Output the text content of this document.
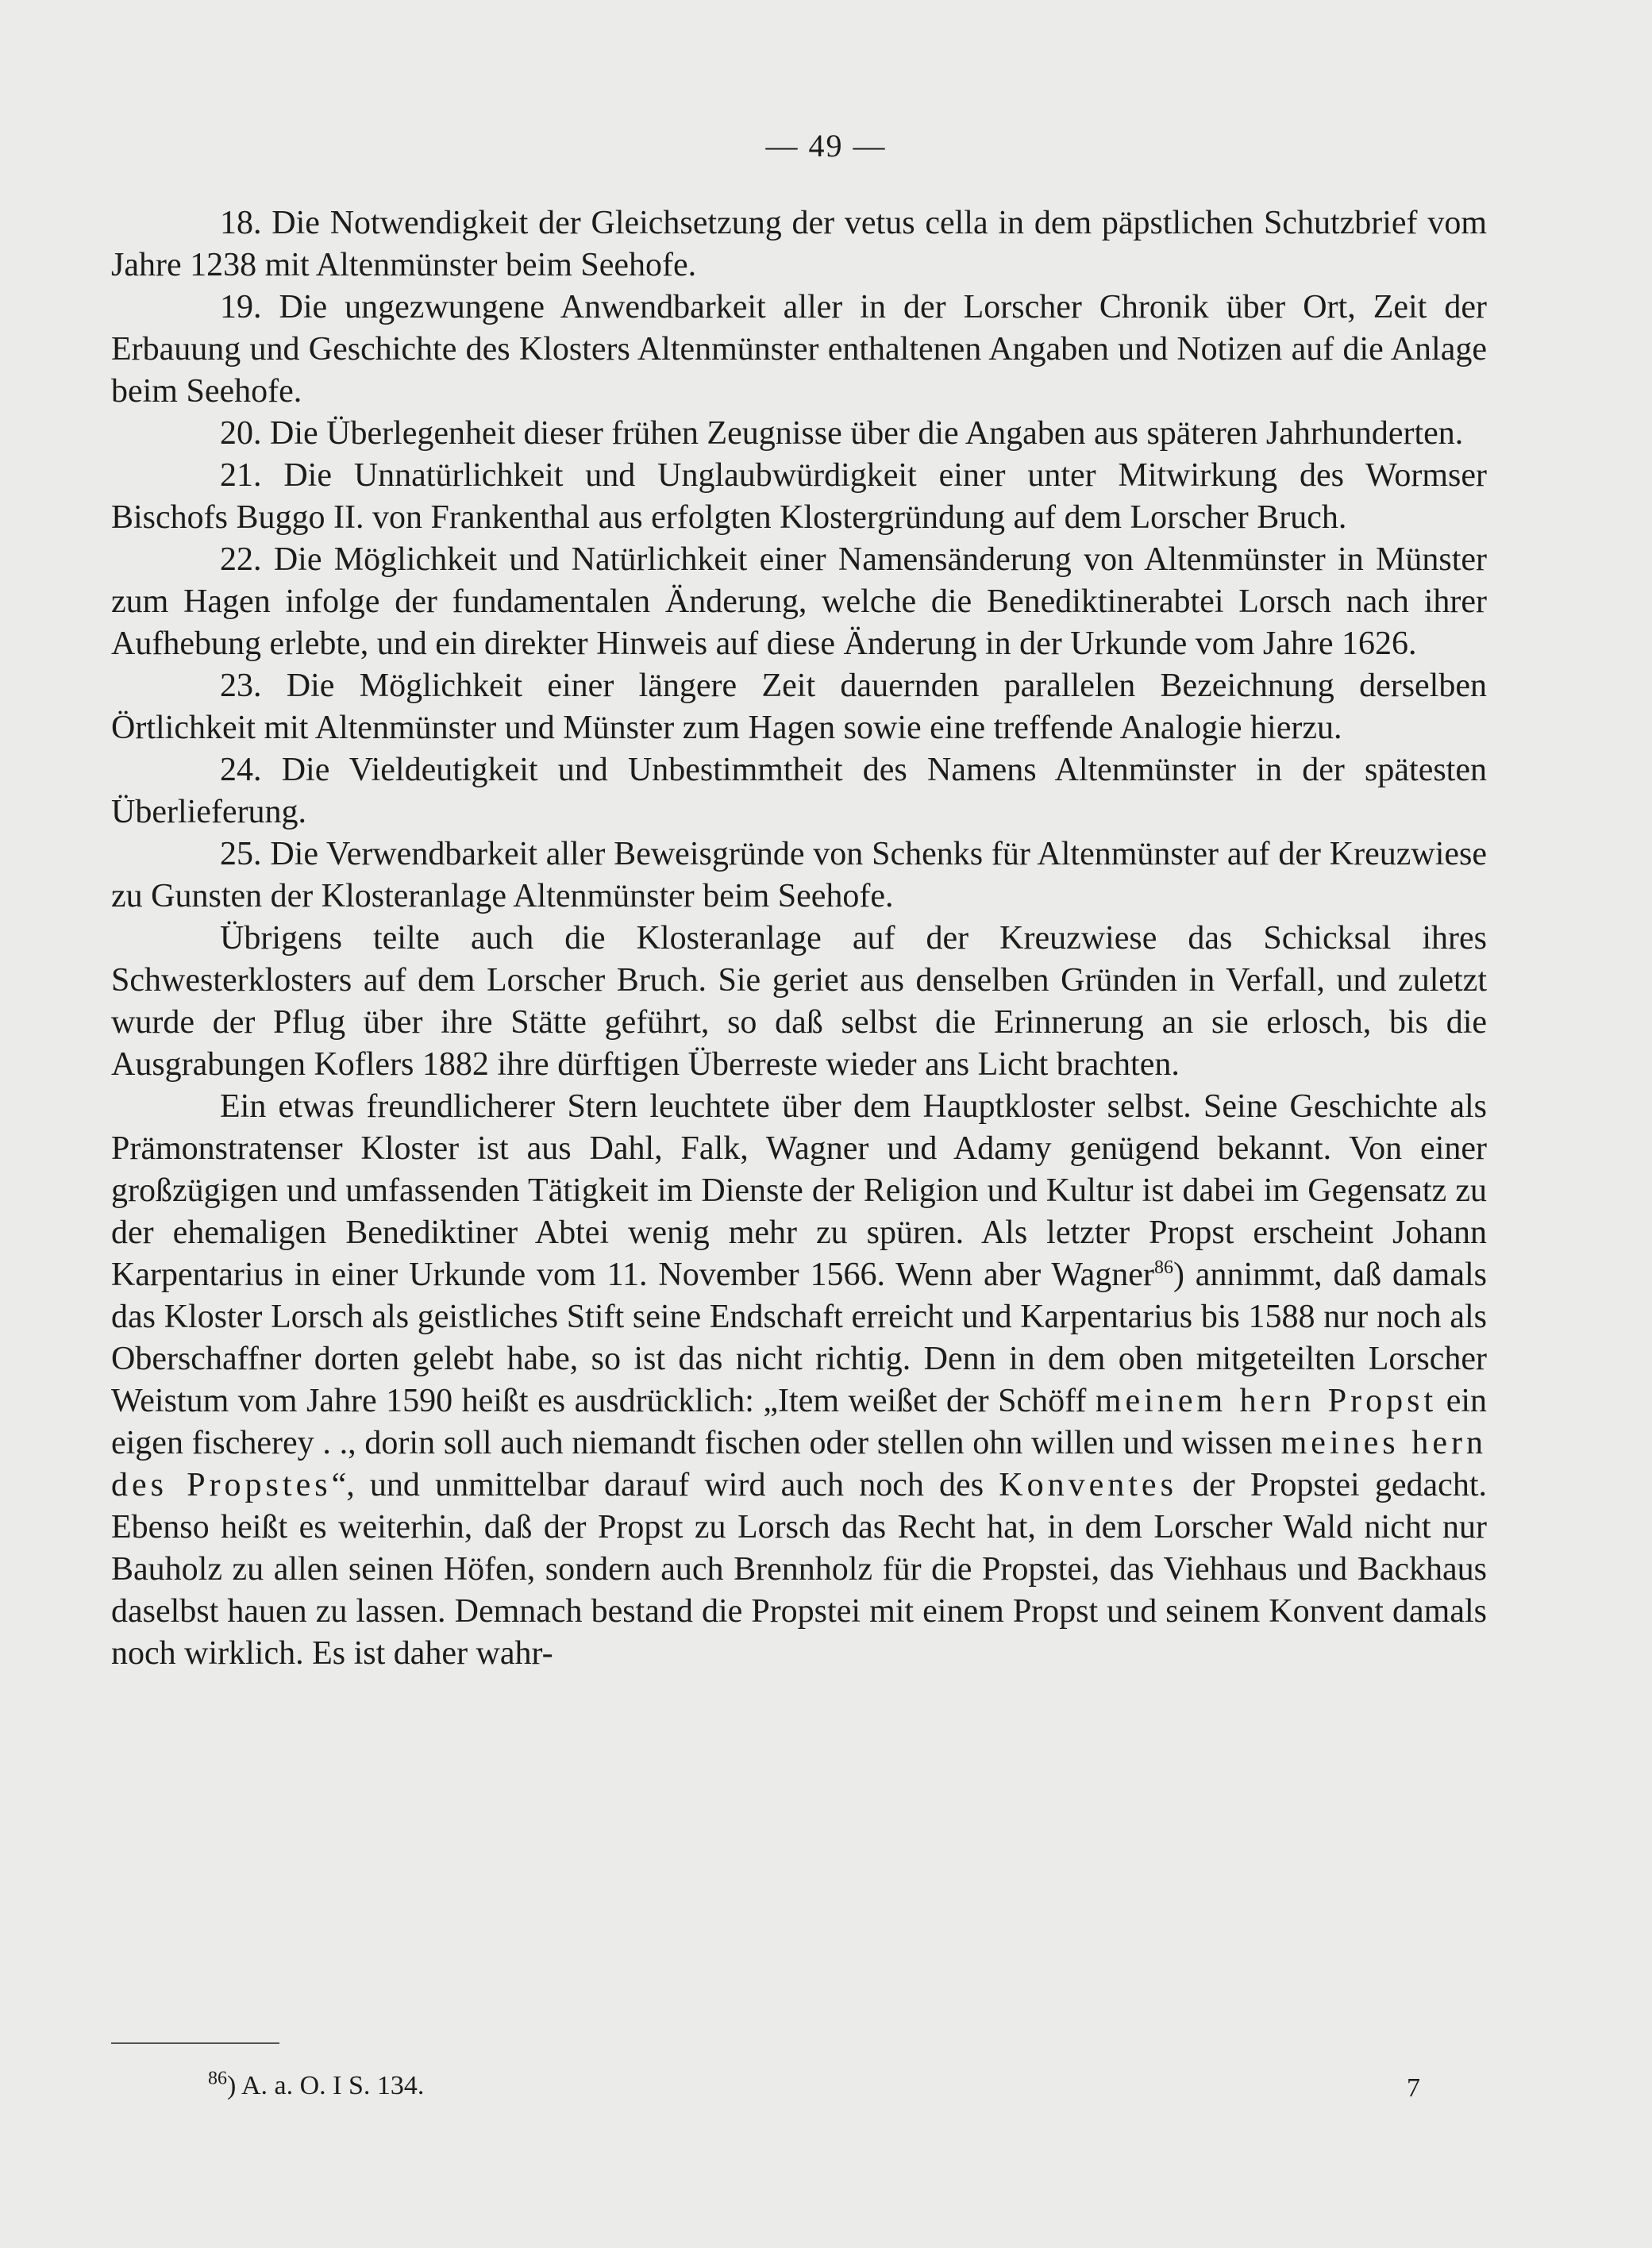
— 49 —

18. Die Notwendigkeit der Gleichsetzung der vetus cella in dem päpstlichen Schutzbrief vom Jahre 1238 mit Altenmünster beim Seehofe.

19. Die ungezwungene Anwendbarkeit aller in der Lorscher Chronik über Ort, Zeit der Erbauung und Geschichte des Klosters Altenmünster enthaltenen Angaben und Notizen auf die Anlage beim Seehofe.

20. Die Überlegenheit dieser frühen Zeugnisse über die Angaben aus späteren Jahrhunderten.

21. Die Unnatürlichkeit und Unglaubwürdigkeit einer unter Mitwirkung des Wormser Bischofs Buggo II. von Frankenthal aus erfolgten Klostergründung auf dem Lorscher Bruch.

22. Die Möglichkeit und Natürlichkeit einer Namensänderung von Altenmünster in Münster zum Hagen infolge der fundamentalen Änderung, welche die Benediktinerabtei Lorsch nach ihrer Aufhebung erlebte, und ein direkter Hinweis auf diese Änderung in der Urkunde vom Jahre 1626.

23. Die Möglichkeit einer längere Zeit dauernden parallelen Bezeichnung derselben Örtlichkeit mit Altenmünster und Münster zum Hagen sowie eine treffende Analogie hierzu.

24. Die Vieldeutigkeit und Unbestimmtheit des Namens Altenmünster in der spätesten Überlieferung.

25. Die Verwendbarkeit aller Beweisgründe von Schenks für Altenmünster auf der Kreuzwiese zu Gunsten der Klosteranlage Altenmünster beim Seehofe.

Übrigens teilte auch die Klosteranlage auf der Kreuzwiese das Schicksal ihres Schwesterklosters auf dem Lorscher Bruch. Sie geriet aus denselben Gründen in Verfall, und zuletzt wurde der Pflug über ihre Stätte geführt, so daß selbst die Erinnerung an sie erlosch, bis die Ausgrabungen Koflers 1882 ihre dürftigen Überreste wieder ans Licht brachten.

Ein etwas freundlicherer Stern leuchtete über dem Hauptkloster selbst. Seine Geschichte als Prämonstratenser Kloster ist aus Dahl, Falk, Wagner und Adamy genügend bekannt. Von einer großzügigen und umfassenden Tätigkeit im Dienste der Religion und Kultur ist dabei im Gegensatz zu der ehemaligen Benediktiner Abtei wenig mehr zu spüren. Als letzter Propst erscheint Johann Karpentarius in einer Urkunde vom 11. November 1566. Wenn aber Wagner$^{86}$) annimmt, daß damals das Kloster Lorsch als geistliches Stift seine Endschaft erreicht und Karpentarius bis 1588 nur noch als Oberschaffner dorten gelebt habe, so ist das nicht richtig. Denn in dem oben mitgeteilten Lorscher Weistum vom Jahre 1590 heißt es ausdrücklich: „Item weißet der Schöff meinem hern Propst ein eigen fischerey . ., dorin soll auch niemandt fischen oder stellen ohn willen und wissen meines hern des Propstes“, und unmittelbar darauf wird auch noch des Konventes der Propstei gedacht. Ebenso heißt es weiterhin, daß der Propst zu Lorsch das Recht hat, in dem Lorscher Wald nicht nur Bauholz zu allen seinen Höfen, sondern auch Brennholz für die Propstei, das Viehhaus und Backhaus daselbst hauen zu lassen. Demnach bestand die Propstei mit einem Propst und seinem Konvent damals noch wirklich. Es ist daher wahr-

$^{86}$) A. a. O. I S. 134.	7
